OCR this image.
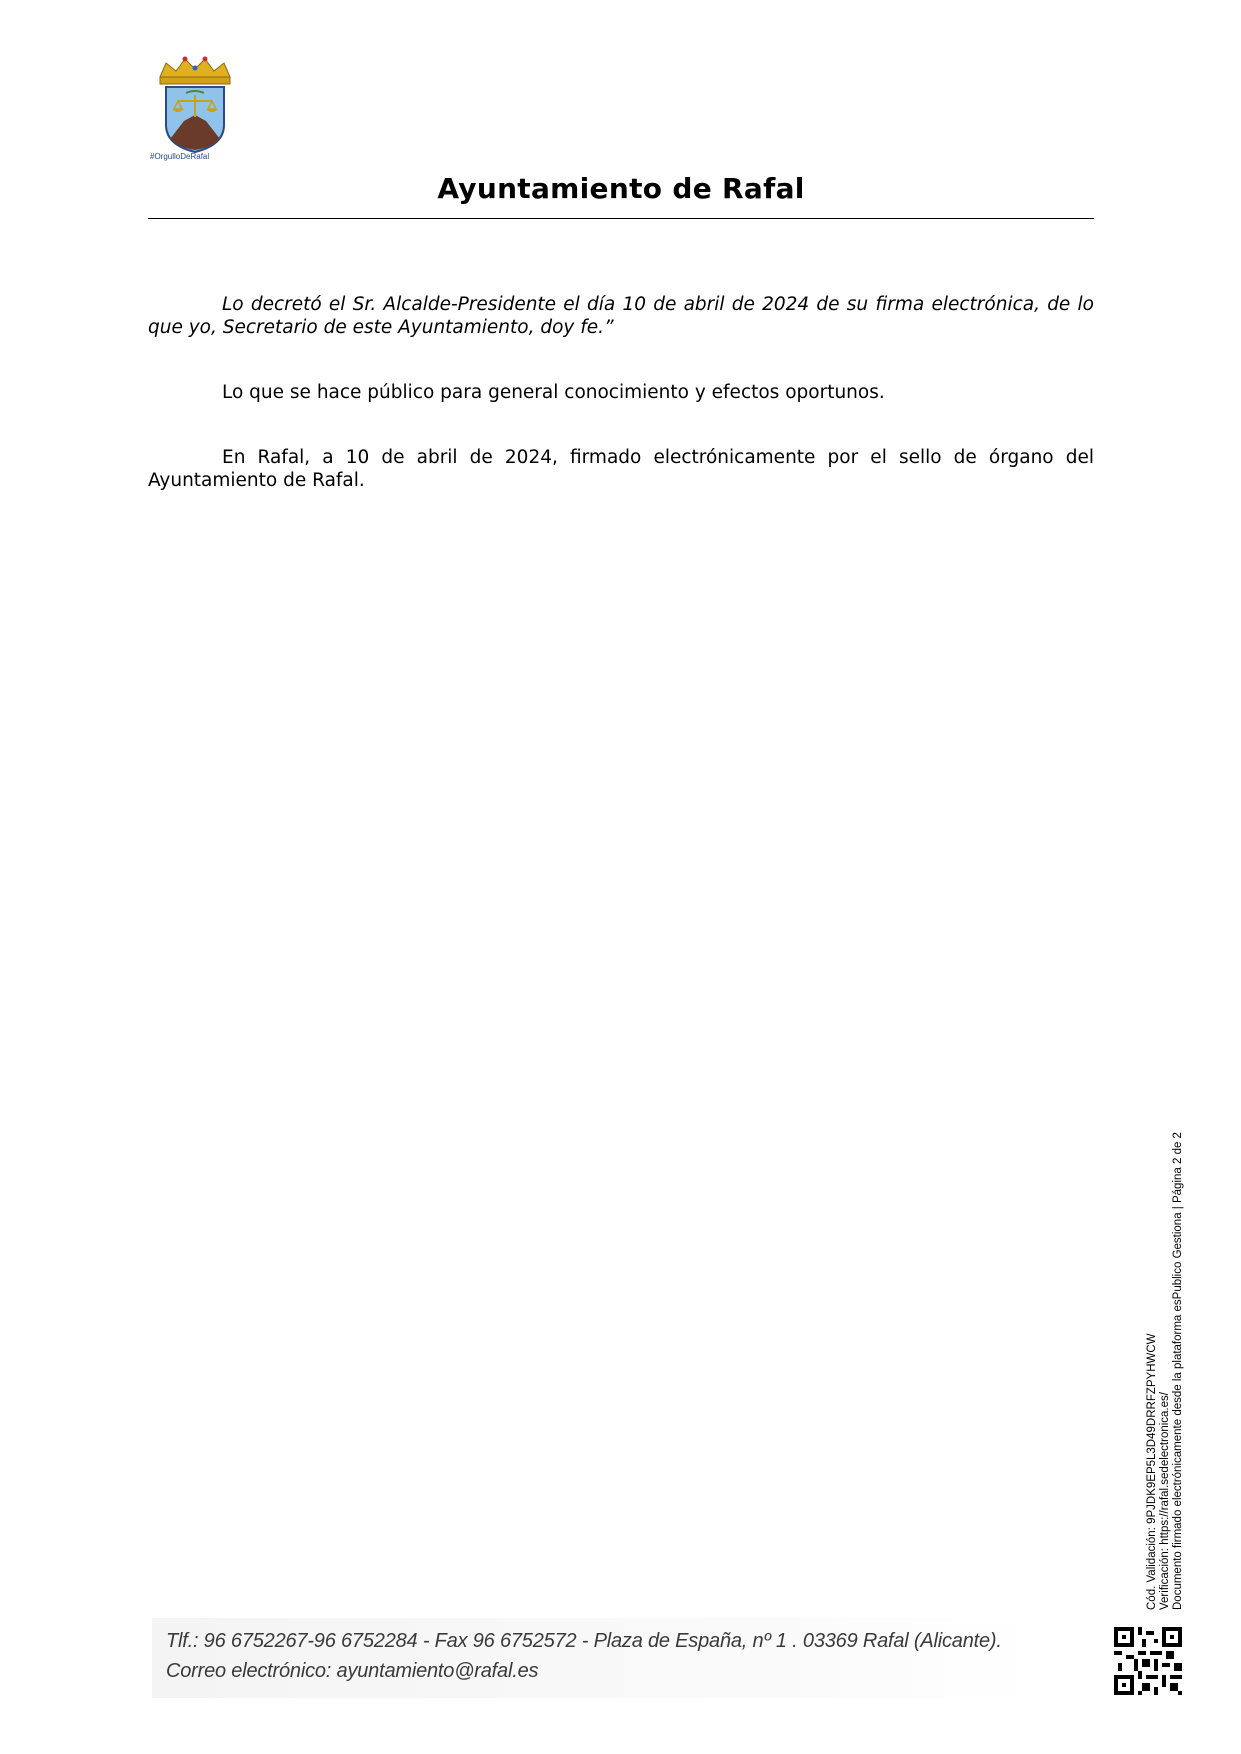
#OrgulloDeRafal
Ayuntamiento de Rafal

Lo decretó el Sr. Alcalde-Presidente el día 10 de abril de 2024 de su firma electrónica, de lo que yo, Secretario de este Ayuntamiento, doy fe.”

Lo que se hace público para general conocimiento y efectos oportunos.

En Rafal, a 10 de abril de 2024, firmado electrónicamente por el sello de órgano del Ayuntamiento de Rafal.

Cód. Validación: 9PJDK9EP5L3D49DRRFZPYHWCW Verificación: https://rafal.sedelectronica.es/ Documento firmado electrónicamente desde la plataforma esPublico Gestiona | Página 2 de 2
Tlf.: 96 6752267-96 6752284 - Fax 96 6752572 - Plaza de España, nº 1 . 03369 Rafal (Alicante).
Correo electrónico: ayuntamiento@rafal.es
